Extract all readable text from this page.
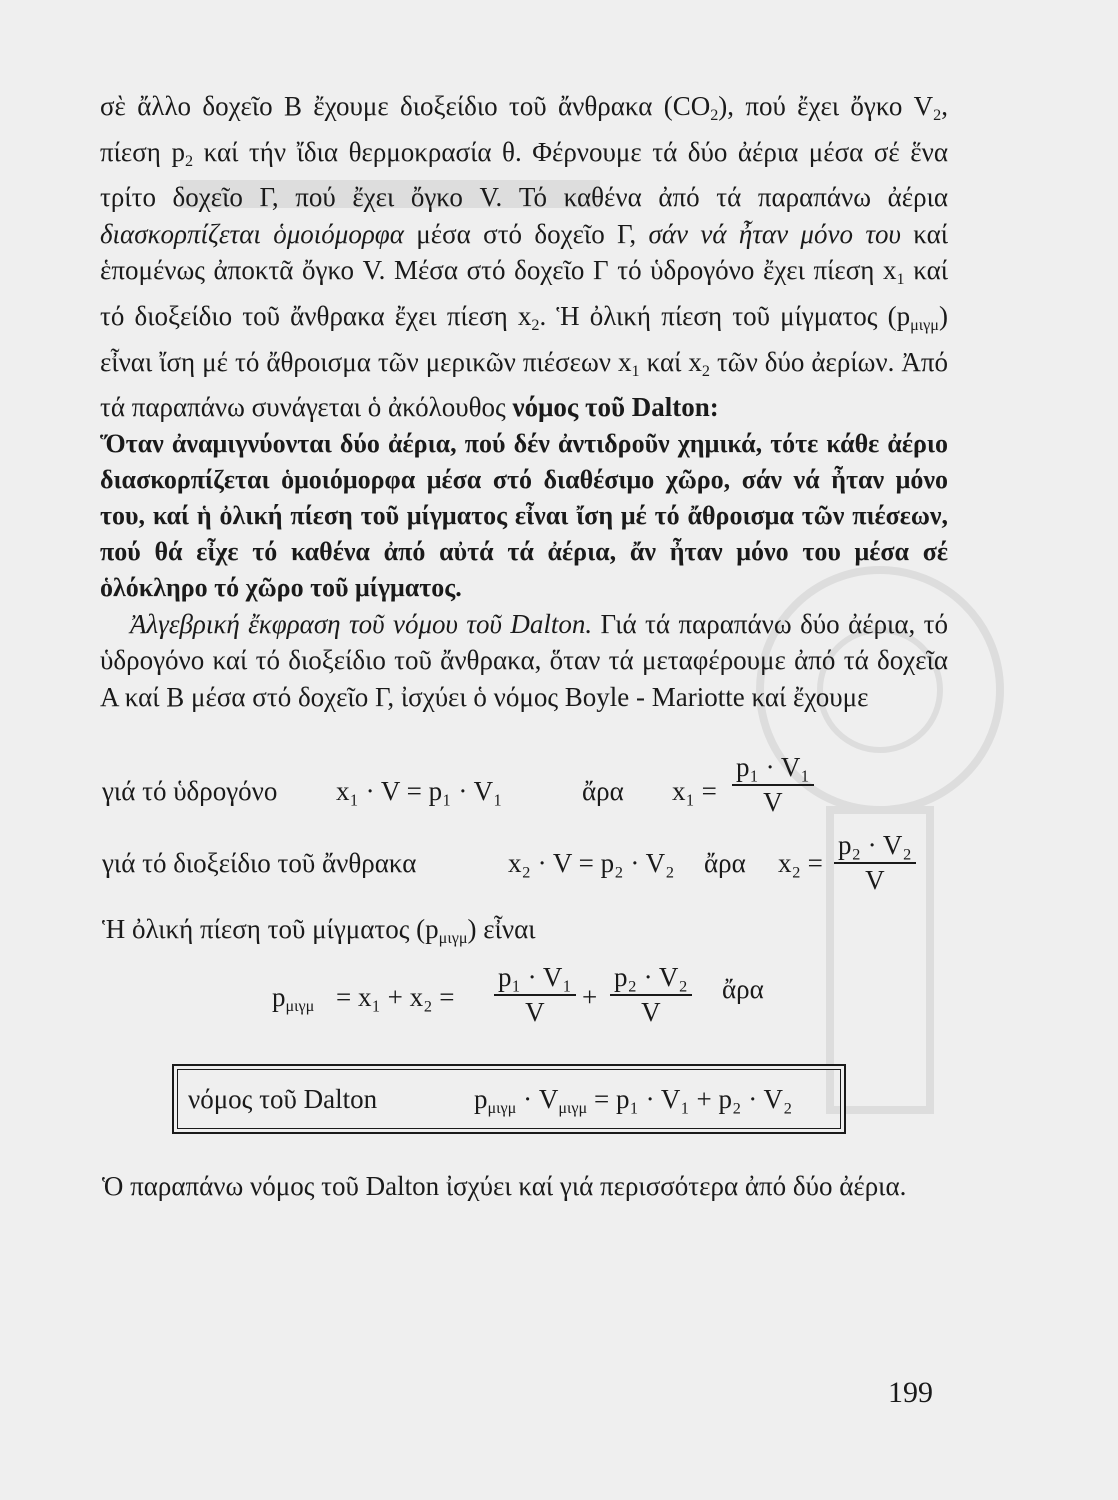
σὲ ἄλλο δοχεῖο Β ἔχουμε διοξείδιο τοῦ ἄνθρακα $(CO_2)$, πού ἔχει ὄγκο $V_2$, πίεση $p_2$ καί τήν ἴδια θερμοκρασία θ. Φέρνουμε τά δύο ἀέρια μέσα σέ ἕνα τρίτο δοχεῖο Γ, πού ἔχει ὄγκο V. Τό καθένα ἀπό τά παραπάνω ἀέρια διασκορπίζεται ὁμοιόμορφα μέσα στό δοχεῖο Γ, σάν νά ἦταν μόνο του καί ἑπομένως ἀποκτᾶ ὄγκο V. Μέσα στό δοχεῖο Γ τό ὑδρογόνο ἔχει πίεση $x_1$ καί τό διοξείδιο τοῦ ἄνθρακα ἔχει πίεση $x_2$. Ἡ ὀλική πίεση τοῦ μίγματος $(p_{\mu\iota\gamma\mu})$ εἶναι ἴση μέ τό ἄθροισμα τῶν μερικῶν πιέσεων $x_1$ καί $x_2$ τῶν δύο ἀερίων. Ἀπό τά παραπάνω συνάγεται ὁ ἀκόλουθος νόμος τοῦ Dalton:

Ὅταν ἀναμιγνύονται δύο ἀέρια, πού δέν ἀντιδροῦν χημικά, τότε κάθε ἀέριο διασκορπίζεται ὁμοιόμορφα μέσα στό διαθέσιμο χῶρο, σάν νά ἦταν μόνο του, καί ἡ ὀλική πίεση τοῦ μίγματος εἶναι ἴση μέ τό ἄθροισμα τῶν πιέσεων, πού θά εἶχε τό καθένα ἀπό αὐτά τά ἀέρια, ἄν ἦταν μόνο του μέσα σέ ὁλόκληρο τό χῶρο τοῦ μίγματος.

Ἀλγεβρική ἔκφραση τοῦ νόμου τοῦ Dalton. Γιά τά παραπάνω δύο ἀέρια, τό ὑδρογόνο καί τό διοξείδιο τοῦ ἄνθρακα, ὅταν τά μεταφέρουμε ἀπό τά δοχεῖα Α καί Β μέσα στό δοχεῖο Γ, ἰσχύει ὁ νόμος Boyle - Mariotte καί ἔχουμε

γιά τό ὑδρογόνο x₁ · V = p₁ · V₁	ἄρα $x_1 = \frac{\text{p₁ · V₁}}{V}$
γιά τό διοξείδιο τοῦ ἄνθρακα	x₂ · V = p₂ · V₂ ἄρα $x_2 = \frac{\text{p₂ · V₂}}{V}$
Ἡ ὀλική πίεση τοῦ μίγματος $(p_{\mu\iota\gamma\mu})$ εἶναι
$p_{\mu\iota\gamma\mu} = x_1 + x_2 = \frac{\text{p₁ · V₁}}{V} + \frac{\text{p₂ · V₂}}{V}$ ἄρα
νόμος τοῦ Dalton	$p_{\mu\iota\gamma\mu} \cdot V_{\mu\iota\gamma\mu} = p_1 \cdot V_1 + p_2 \cdot V_2$
Ὁ παραπάνω νόμος τοῦ Dalton ἰσχύει καί γιά περισσότερα ἀπό δύο ἀέρια.
199
